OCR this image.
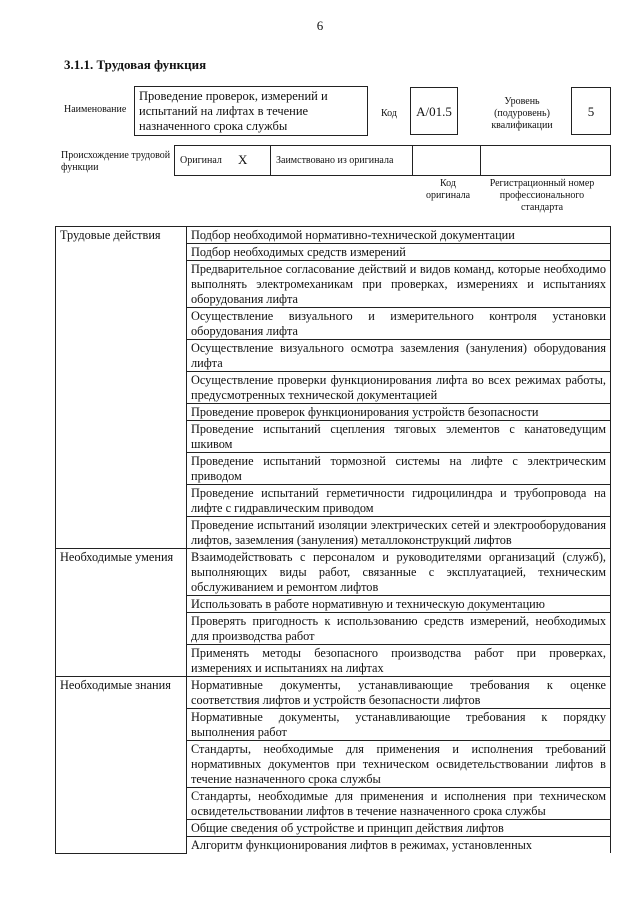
6
3.1.1. Трудовая функция
Наименование
Проведение проверок, измерений и испытаний на лифтах в течение назначенного срока службы
Код	A/01.5
Уровень (подуровень) квалификации
5
Происхождение трудовой функции
Оригинал X	Заимствовано из оригинала
Код оригинала
Регистрационный номер профессионального стандарта
Трудовые действия	Подбор необходимой нормативно-технической документации
	Подбор необходимых средств измерений
	Предварительное согласование действий и видов команд, которые необходимо выполнять электромеханикам при проверках, измерениях и испытаниях оборудования лифта
	Осуществление визуального и измерительного контроля установки оборудования лифта
	Осуществление визуального осмотра заземления (зануления) оборудования лифта
	Осуществление проверки функционирования лифта во всех режимах работы, предусмотренных технической документацией
	Проведение проверок функционирования устройств безопасности
	Проведение испытаний сцепления тяговых элементов с канатоведущим шкивом
	Проведение испытаний тормозной системы на лифте с электрическим приводом
	Проведение испытаний герметичности гидроцилиндра и трубопровода на лифте с гидравлическим приводом
	Проведение испытаний изоляции электрических сетей и электрооборудования лифтов, заземления (зануления) металлоконструкций лифтов
Необходимые умения	Взаимодействовать с персоналом и руководителями организаций (служб), выполняющих виды работ, связанные с эксплуатацией, техническим обслуживанием и ремонтом лифтов
	Использовать в работе нормативную и техническую документацию
	Проверять пригодность к использованию средств измерений, необходимых для производства работ
	Применять методы безопасного производства работ при проверках, измерениях и испытаниях на лифтах
Необходимые знания	Нормативные документы, устанавливающие требования к оценке соответствия лифтов и устройств безопасности лифтов
	Нормативные документы, устанавливающие требования к порядку выполнения работ
	Стандарты, необходимые для применения и исполнения требований нормативных документов при техническом освидетельствовании лифтов в течение назначенного срока службы
	Стандарты, необходимые для применения и исполнения при техническом освидетельствовании лифтов в течение назначенного срока службы
	Общие сведения об устройстве и принцип действия лифтов
	Алгоритм функционирования лифтов в режимах, установленных
